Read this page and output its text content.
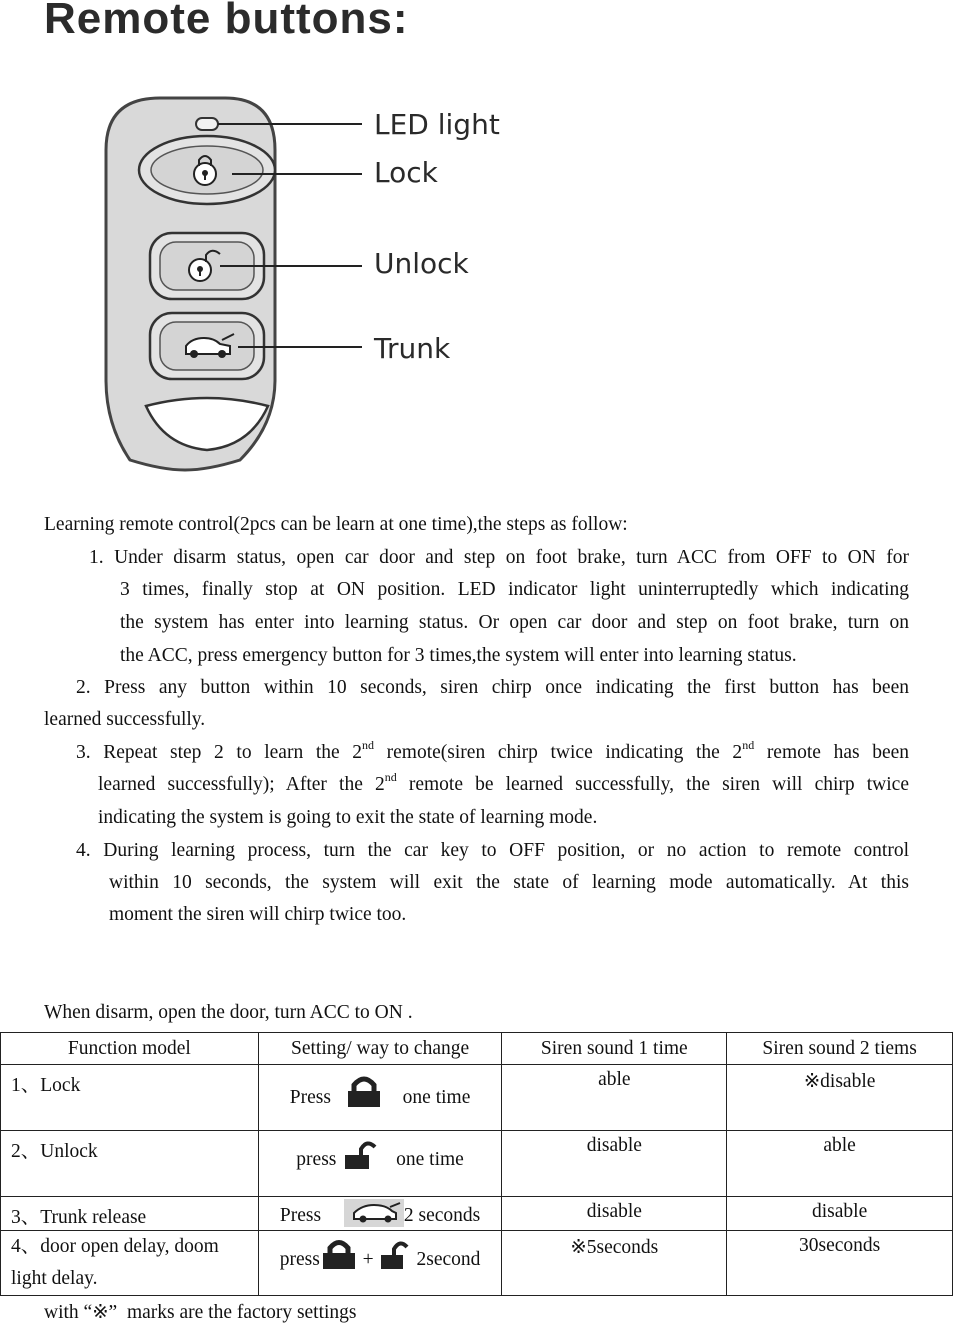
Remote buttons:
LED light
Lock
Unlock
Trunk
Learning remote control(2pcs can be learn at one time),the steps as follow:
1. Under disarm status, open car door and step on foot brake, turn ACC from OFF to ON for
3 times, finally stop at ON position. LED indicator light uninterruptedly which indicating
the system has enter into learning status. Or open car door and step on foot brake, turn on
the ACC, press emergency button for 3 times,the system will enter into learning status.
2. Press any button within 10 seconds, siren chirp once indicating the first button has been
learned successfully.
3. Repeat step 2 to learn the 2nd remote(siren chirp twice indicating the 2nd remote has been
learned successfully); After the 2nd remote be learned successfully, the siren will chirp twice
indicating the system is going to exit the state of learning mode.
4. During learning process, turn the car key to OFF position, or no action to remote control
within 10 seconds, the system will exit the state of learning mode automatically. At this
moment the siren will chirp twice too.
When disarm, open the door, turn ACC to ON .
Function model	Setting/ way to change	Siren sound 1 time	Siren sound 2 tiems
1、Lock	Press one time	able	※disable
2、Unlock	press one time	disable	able
3、Trunk release	Press 2 seconds	disable	disable

4、door open delay, doom
light delay.	press + 2second	※5seconds	30seconds
with “※”  marks are the factory settings
